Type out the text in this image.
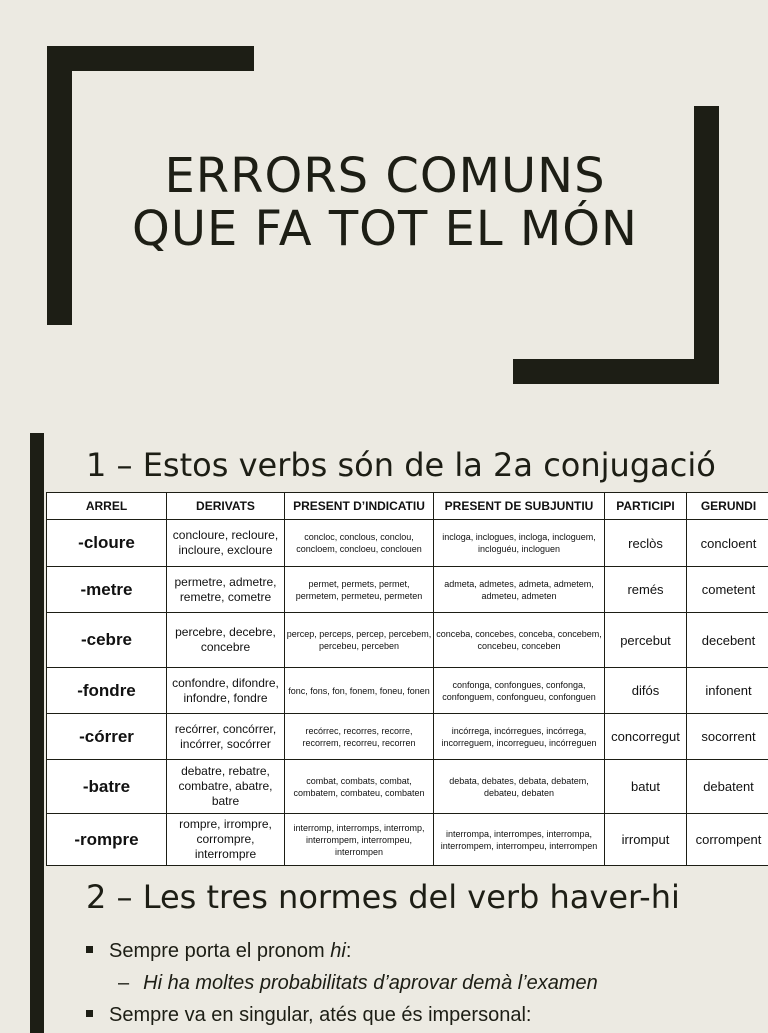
ERRORS COMUNS
QUE FA TOT EL MÓN
1 – Estos verbs són de la 2a conjugació
ARREL	DERIVATS	PRESENT D’INDICATIU	PRESENT DE SUBJUNTIU	PARTICIPI	GERUNDI
-cloure	concloure, recloure, incloure, excloure	concloc, conclous, conclou, concloem, concloeu, conclouen	incloga, inclogues, incloga, incloguem, incloguéu, incloguen	reclòs	concloent
-metre	permetre, admetre, remetre, cometre	permet, permets, permet, permetem, permeteu, permeten	admeta, admetes, admeta, admetem, admeteu, admeten	remés	cometent
-cebre	percebre, decebre, concebre	percep, perceps, percep, percebem, percebeu, perceben	conceba, concebes, conceba, concebem, concebeu, conceben	percebut	decebent
-fondre	confondre, difondre, infondre, fondre	fonc, fons, fon, fonem, foneu, fonen	confonga, confongues, confonga, confonguem, confongueu, confonguen	difós	infonent
-córrer	recórrer, concórrer, incórrer, socórrer	recórrec, recorres, recorre, recorrem, recorreu, recorren	incórrega, incórregues, incórrega, incorreguem, incorregueu, incórreguen	concorregut	socorrent
-batre	debatre, rebatre, combatre, abatre, batre	combat, combats, combat, combatem, combateu, combaten	debata, debates, debata, debatem, debateu, debaten	batut	debatent
-rompre	rompre, irrompre, corrompre, interrompre	interromp, interromps, interromp, interrompem, interrompeu, interrompen	interrompa, interrompes, interrompa, interrompem, interrompeu, interrompen	irromput	corrompent
2 – Les tres normes del verb haver-hi
Sempre porta el pronom hi:
– Hi ha moltes probabilitats d’aprovar demà l’examen
Sempre va en singular, atés que és impersonal:
